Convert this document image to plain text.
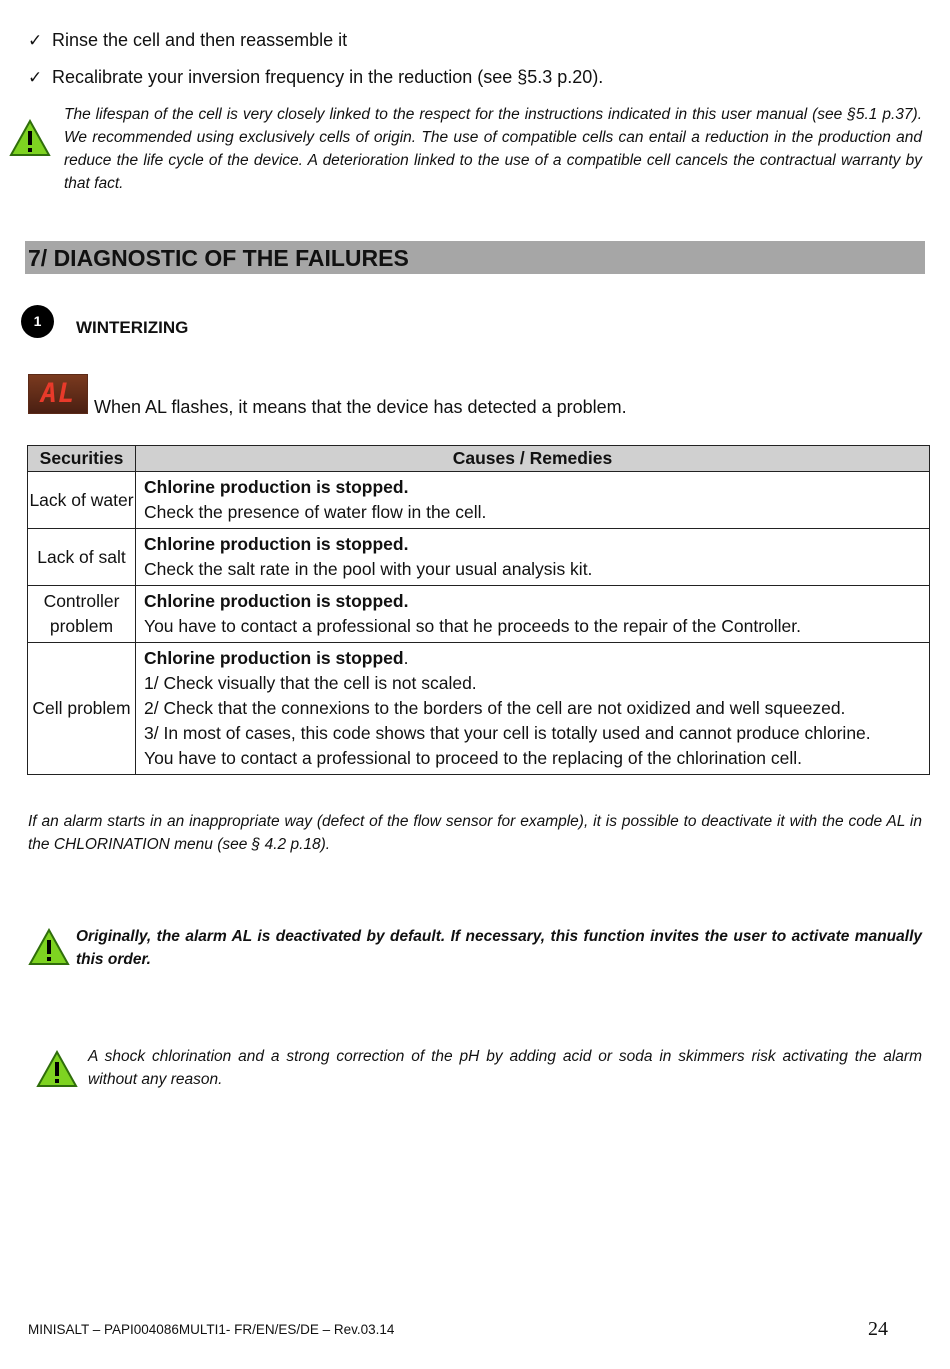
✓ Rinse the cell and then reassemble it
✓ Recalibrate your inversion frequency in the reduction (see §5.3 p.20).
The lifespan of the cell is very closely linked to the respect for the instructions indicated in this user manual (see §5.1 p.37). We recommended using exclusively cells of origin. The use of compatible cells can entail a reduction in the production and reduce the life cycle of the device. A deterioration linked to the use of a compatible cell cancels the contractual warranty by that fact.
7/ DIAGNOSTIC OF THE FAILURES
1	WINTERIZING
AL	When AL flashes, it means that the device has detected a problem.
Securities	Causes / Remedies
Lack of water	Chlorine production is stopped.
Check the presence of water flow in the cell.

Lack of salt	Chlorine production is stopped.
Check the salt rate in the pool with your usual analysis kit.

Controller problem	Chlorine production is stopped.
You have to contact a professional so that he proceeds to the repair of the Controller.

Cell problem	Chlorine production is stopped.
1/ Check visually that the cell is not scaled.
2/ Check that the connexions to the borders of the cell are not oxidized and well squeezed.
3/ In most of cases, this code shows that your cell is totally used and cannot produce chlorine.
You have to contact a professional to proceed to the replacing of the chlorination cell.
If an alarm starts in an inappropriate way (defect of the flow sensor for example), it is possible to deactivate it with the code AL in the CHLORINATION menu (see § 4.2 p.18).
Originally, the alarm AL is deactivated by default. If necessary, this function invites the user to activate manually this order.
A shock chlorination and a strong correction of the pH by adding acid or soda in skimmers risk activating the alarm without any reason.
MINISALT – PAPI004086MULTI1- FR/EN/ES/DE – Rev.03.14	24
